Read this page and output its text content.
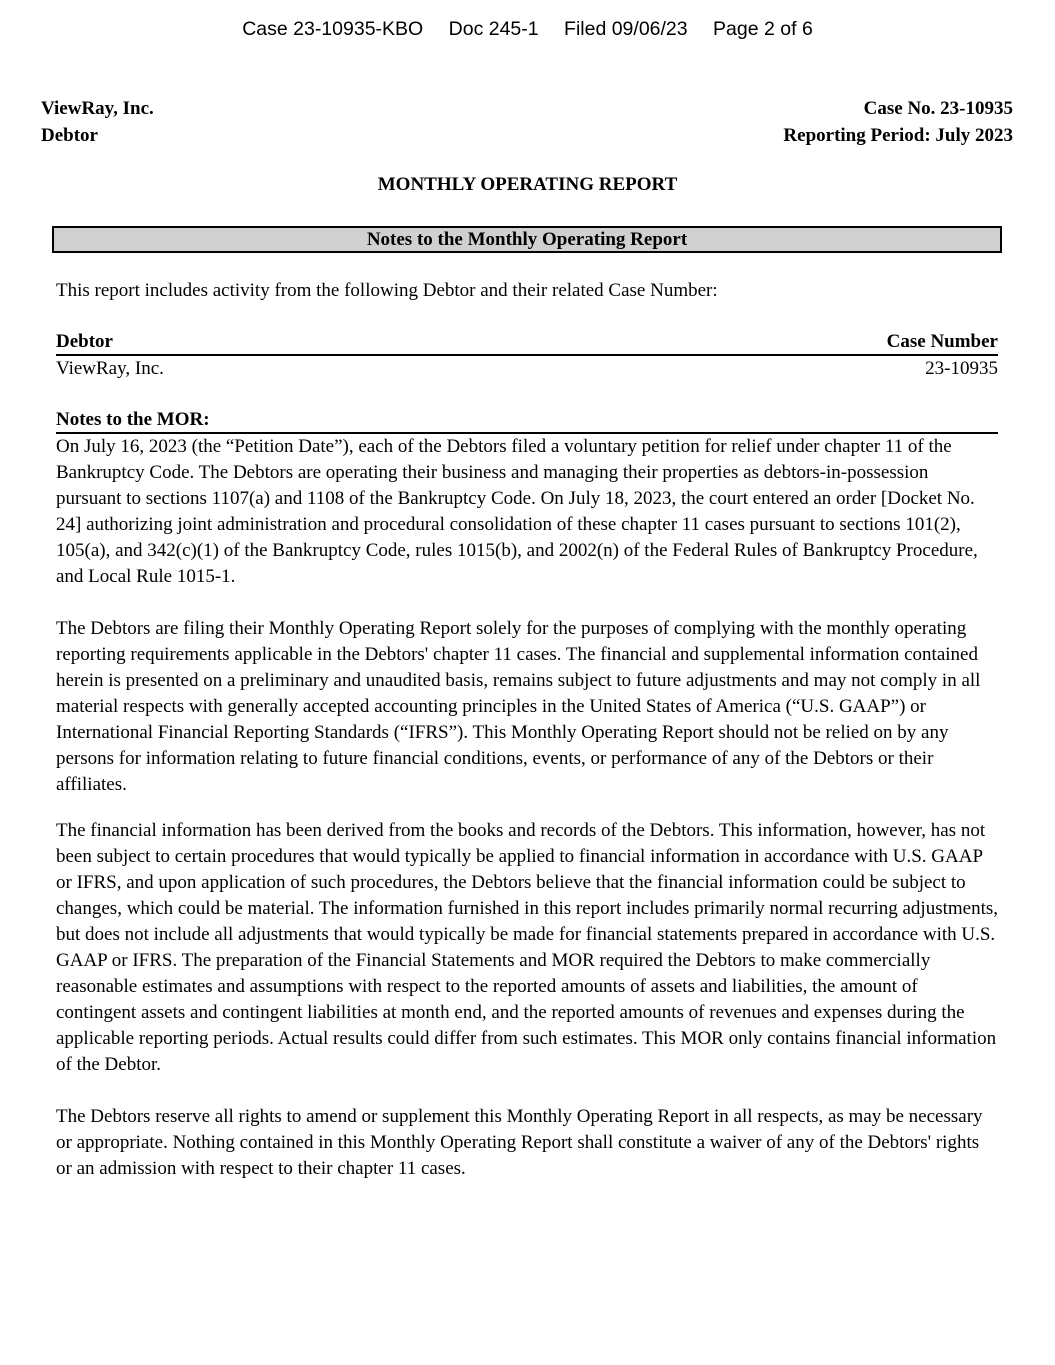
Case 23-10935-KBO Doc 245-1 Filed 09/06/23 Page 2 of 6
ViewRay, Inc.
Debtor
Case No. 23-10935
Reporting Period: July 2023
MONTHLY OPERATING REPORT
Notes to the Monthly Operating Report

This report includes activity from the following Debtor and their related Case Number:

Debtor	Case Number
ViewRay, Inc.	23-10935
Notes to the MOR:

On July 16, 2023 (the “Petition Date”), each of the Debtors filed a voluntary petition for relief under chapter 11 of the Bankruptcy Code. The Debtors are operating their business and managing their properties as debtors-in-possession pursuant to sections 1107(a) and 1108 of the Bankruptcy Code. On July 18, 2023, the court entered an order [Docket No. 24] authorizing joint administration and procedural consolidation of these chapter 11 cases pursuant to sections 101(2), 105(a), and 342(c)(1) of the Bankruptcy Code, rules 1015(b), and 2002(n) of the Federal Rules of Bankruptcy Procedure, and Local Rule 1015-1.

The Debtors are filing their Monthly Operating Report solely for the purposes of complying with the monthly operating reporting requirements applicable in the Debtors' chapter 11 cases. The financial and supplemental information contained herein is presented on a preliminary and unaudited basis, remains subject to future adjustments and may not comply in all material respects with generally accepted accounting principles in the United States of America (“U.S. GAAP”) or International Financial Reporting Standards (“IFRS”). This Monthly Operating Report should not be relied on by any persons for information relating to future financial conditions, events, or performance of any of the Debtors or their affiliates.

The financial information has been derived from the books and records of the Debtors. This information, however, has not been subject to certain procedures that would typically be applied to financial information in accordance with U.S. GAAP or IFRS, and upon application of such procedures, the Debtors believe that the financial information could be subject to changes, which could be material. The information furnished in this report includes primarily normal recurring adjustments, but does not include all adjustments that would typically be made for financial statements prepared in accordance with U.S. GAAP or IFRS. The preparation of the Financial Statements and MOR required the Debtors to make commercially reasonable estimates and assumptions with respect to the reported amounts of assets and liabilities, the amount of contingent assets and contingent liabilities at month end, and the reported amounts of revenues and expenses during the applicable reporting periods. Actual results could differ from such estimates. This MOR only contains financial information of the Debtor.

The Debtors reserve all rights to amend or supplement this Monthly Operating Report in all respects, as may be necessary or appropriate. Nothing contained in this Monthly Operating Report shall constitute a waiver of any of the Debtors' rights or an admission with respect to their chapter 11 cases.
